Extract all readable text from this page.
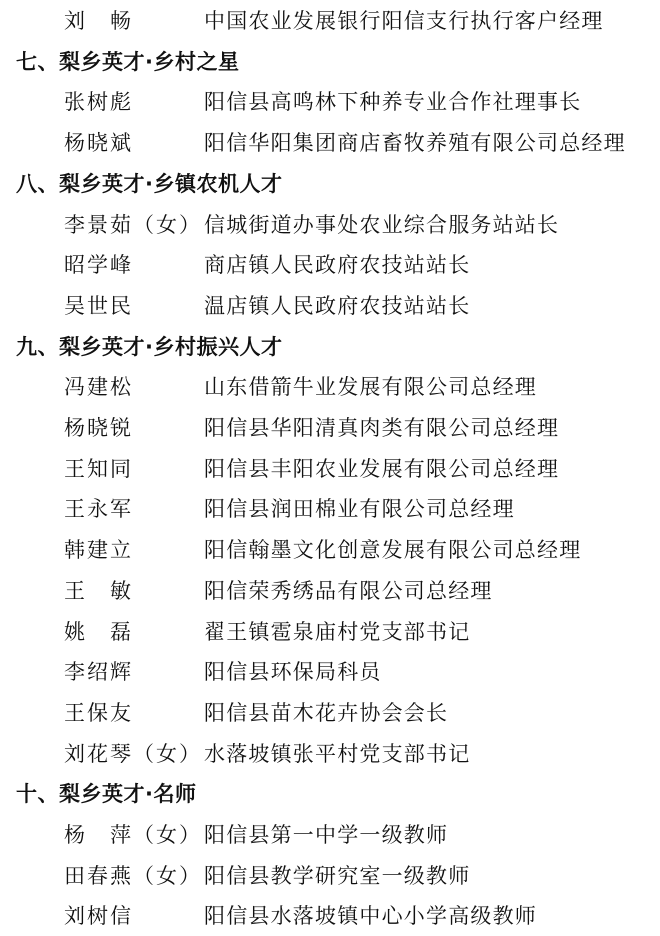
刘　畅	中国农业发展银行阳信支行执行客户经理
七、梨乡英才·乡村之星
张树彪	阳信县高鸣林下种养专业合作社理事长
杨晓斌	阳信华阳集团商店畜牧养殖有限公司总经理
八、梨乡英才·乡镇农机人才
李景茹（女） 信城街道办事处农业综合服务站站长
昭学峰	商店镇人民政府农技站站长
吴世民	温店镇人民政府农技站站长
九、梨乡英才·乡村振兴人才
冯建松	山东借箭牛业发展有限公司总经理
杨晓锐	阳信县华阳清真肉类有限公司总经理
王知同	阳信县丰阳农业发展有限公司总经理
王永军	阳信县润田棉业有限公司总经理
韩建立	阳信翰墨文化创意发展有限公司总经理
王　敏	阳信荣秀绣品有限公司总经理
姚　磊	翟王镇雹泉庙村党支部书记
李绍辉	阳信县环保局科员
王保友	阳信县苗木花卉协会会长
刘花琴（女） 水落坡镇张平村党支部书记
十、梨乡英才·名师
杨　萍（女） 阳信县第一中学一级教师
田春燕（女） 阳信县教学研究室一级教师
刘树信	阳信县水落坡镇中心小学高级教师
